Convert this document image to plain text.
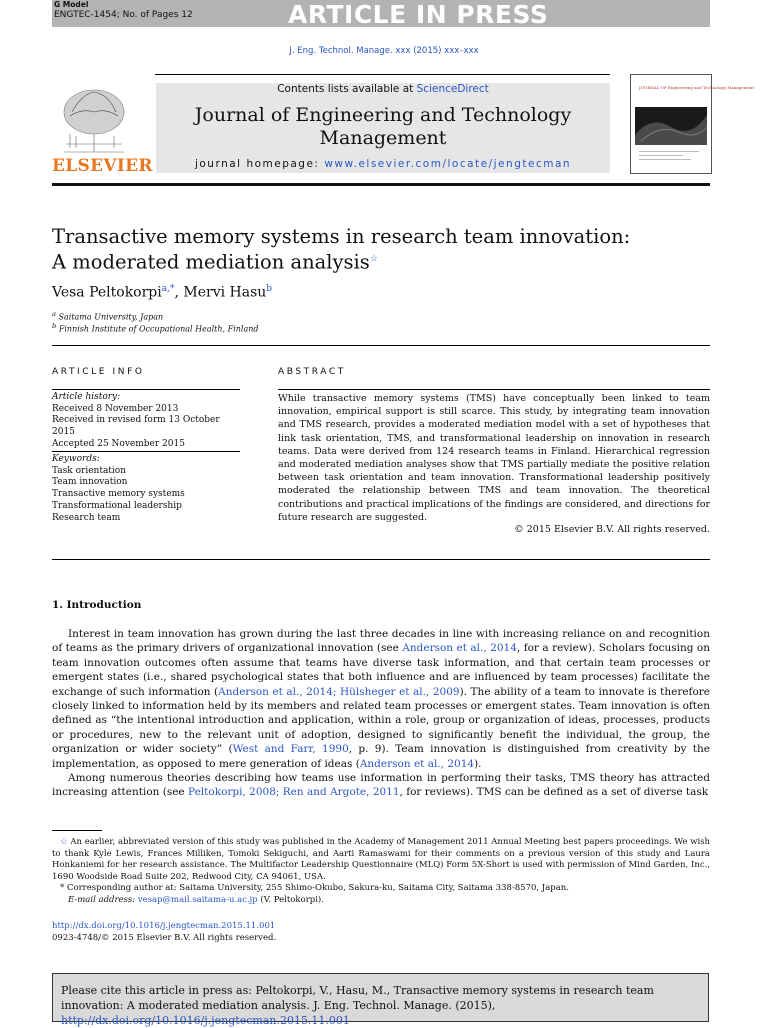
G Model
ENGTEC-1454; No. of Pages 12	ARTICLE IN PRESS
J. Eng. Technol. Manage. xxx (2015) xxx–xxx
ELSEVIER
Contents lists available at ScienceDirect
Journal of Engineering and Technology
Management
journal homepage: www.elsevier.com/locate/jengtecman
JOURNAL OF Engineering and Technology Management
Transactive memory systems in research team innovation:
A moderated mediation analysis☆
Vesa Peltokorpi$^{a,*}$, Mervi Hasu$^b$
$^a$ Saitama University, Japan
$^b$ Finnish Institute of Occupational Health, Finland
ARTICLE INFO
Article history:
Received 8 November 2013
Received in revised form 13 October 2015
Accepted 25 November 2015
Keywords:
Task orientation
Team innovation
Transactive memory systems
Transformational leadership
Research team
ABSTRACT
While transactive memory systems (TMS) have conceptually been linked to team innovation, empirical support is still scarce. This study, by integrating team innovation and TMS research, provides a moderated mediation model with a set of hypotheses that link task orientation, TMS, and transformational leadership on innovation in research teams. Data were derived from 124 research teams in Finland. Hierarchical regression and moderated mediation analyses show that TMS partially mediate the positive relation between task orientation and team innovation. Transformational leadership positively moderated the relationship between TMS and team innovation. The theoretical contributions and practical implications of the findings are considered, and directions for future research are suggested.
© 2015 Elsevier B.V. All rights reserved.
1. Introduction
Interest in team innovation has grown during the last three decades in line with increasing reliance on and recognition of teams as the primary drivers of organizational innovation (see Anderson et al., 2014, for a review). Scholars focusing on team innovation outcomes often assume that teams have diverse task information, and that certain team processes or emergent states (i.e., shared psychological states that both influence and are influenced by team processes) facilitate the exchange of such information (Anderson et al., 2014; Hülsheger et al., 2009). The ability of a team to innovate is therefore closely linked to information held by its members and related team processes or emergent states. Team innovation is often defined as “the intentional introduction and application, within a role, group or organization of ideas, processes, products or procedures, new to the relevant unit of adoption, designed to significantly benefit the individual, the group, the organization or wider society” (West and Farr, 1990, p. 9). Team innovation is distinguished from creativity by the implementation, as opposed to mere generation of ideas (Anderson et al., 2014).
Among numerous theories describing how teams use information in performing their tasks, TMS theory has attracted increasing attention (see Peltokorpi, 2008; Ren and Argote, 2011, for reviews). TMS can be defined as a set of diverse task
☆ An earlier, abbreviated version of this study was published in the Academy of Management 2011 Annual Meeting best papers proceedings. We wish to thank Kyle Lewis, Frances Milliken, Tomoki Sekiguchi, and Aarti Ramaswami for their comments on a previous version of this study and Laura Honkaniemi for her research assistance. The Multifactor Leadership Questionnaire (MLQ) Form 5X-Short is used with permission of Mind Garden, Inc., 1690 Woodside Road Suite 202, Redwood City, CA 94061, USA.
* Corresponding author at: Saitama University, 255 Shimo-Okubo, Sakura-ku, Saitama City, Saitama 338-8570, Japan.
E-mail address: vesap@mail.saitama-u.ac.jp (V. Peltokorpi).
http://dx.doi.org/10.1016/j.jengtecman.2015.11.001
0923-4748/© 2015 Elsevier B.V. All rights reserved.
Please cite this article in press as: Peltokorpi, V., Hasu, M., Transactive memory systems in research team innovation: A moderated mediation analysis. J. Eng. Technol. Manage. (2015), http://dx.doi.org/10.1016/j.jengtecman.2015.11.001
